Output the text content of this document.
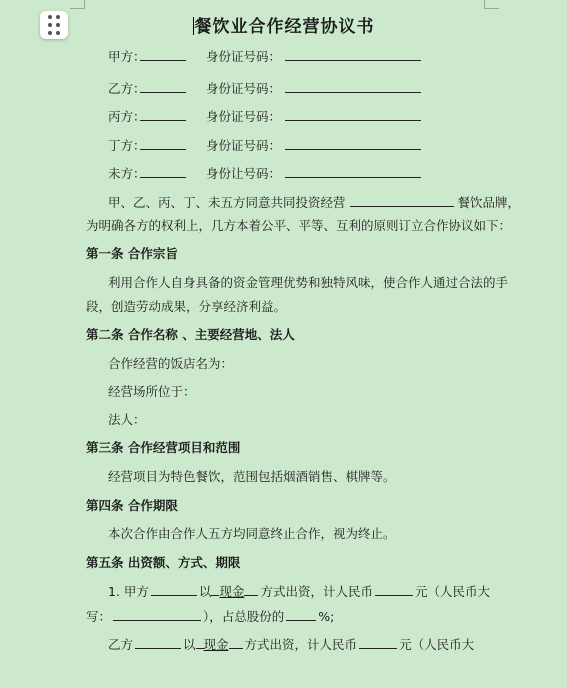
餐饮业合作经营协议书
甲方：	身份证号码：
乙方：	身份证号码：
丙方：	身份证号码：
丁方：	身份证号码：
未方：	身份让号码：
甲、乙、丙、丁、未五方同意共同投资经营	餐饮品牌，
为明确各方的权利上，几方本着公平、平等、互利的原则订立合作协议如下：
第一条 合作宗旨
利用合作人自身具备的资金管理优势和独特风味，使合作人通过合法的手
段，创造劳动成果，分享经济利益。
第二条 合作名称 、主要经营地、法人
合作经营的饭店名为：
经营场所位于：
法人：
第三条 合作经营项目和范围
经营项目为特色餐饮，范围包括烟酒销售、棋牌等。
第四条 合作期限
本次合作由合作人五方均同意终止合作，视为终止。
第五条 出资额、方式、期限
1. 甲方	以 现金 方式出资，计人民币	元（人民币大
写：	），占总股份的	%;
乙方	以 现金 方式出资，计人民币	元（人民币大
